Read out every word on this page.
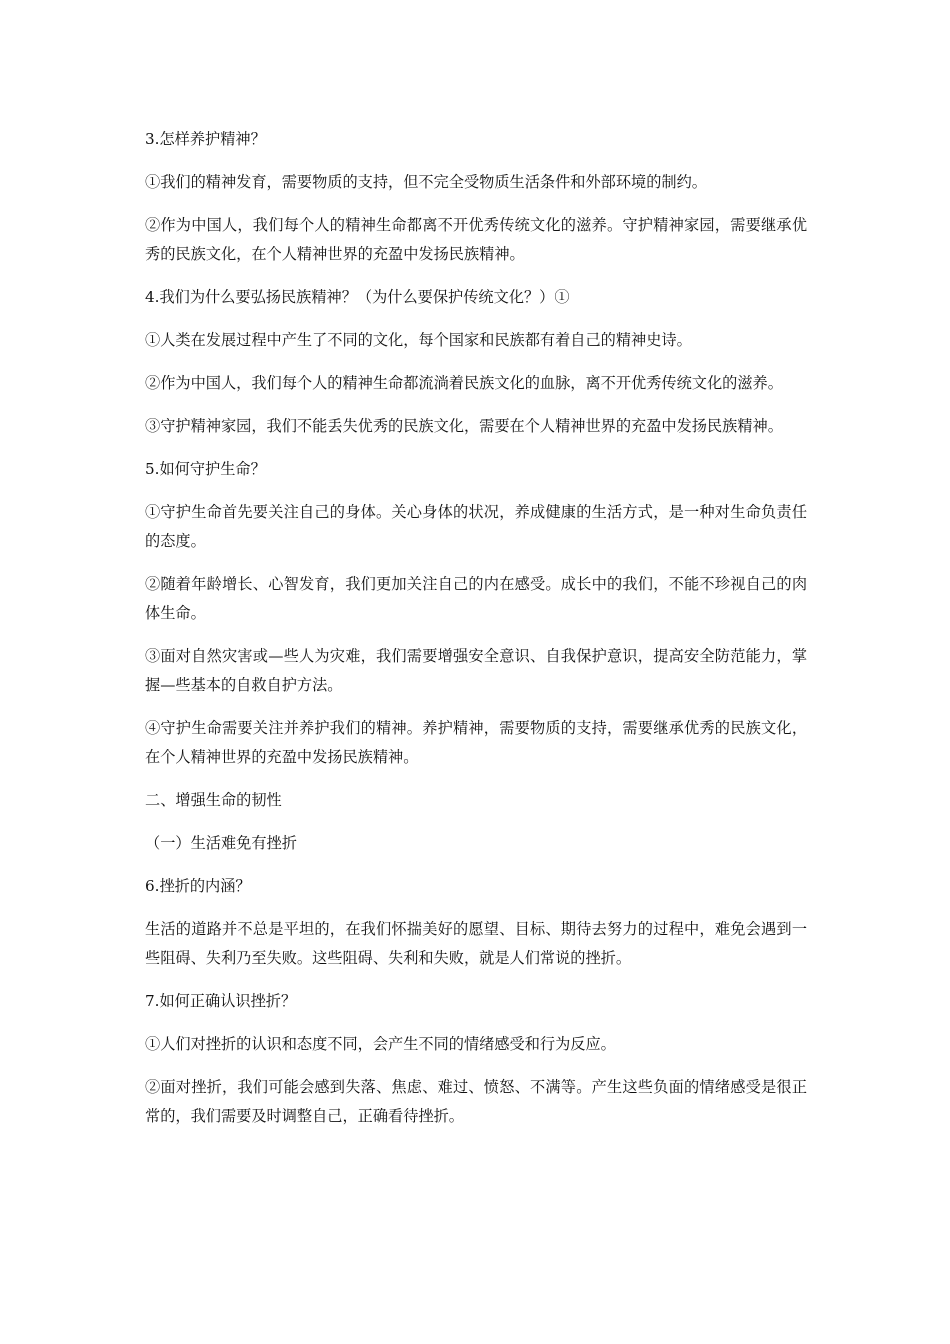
3.怎样养护精神？

①我们的精神发育，需要物质的支持，但不完全受物质生活条件和外部环境的制约。

②作为中国人，我们每个人的精神生命都离不开优秀传统文化的滋养。守护精神家园，需要继承优秀的民族文化，在个人精神世界的充盈中发扬民族精神。

4.我们为什么要弘扬民族精神？（为什么要保护传统文化？）①

①人类在发展过程中产生了不同的文化，每个国家和民族都有着自己的精神史诗。

②作为中国人，我们每个人的精神生命都流淌着民族文化的血脉，离不开优秀传统文化的滋养。

③守护精神家园，我们不能丢失优秀的民族文化，需要在个人精神世界的充盈中发扬民族精神。

5.如何守护生命？

①守护生命首先要关注自己的身体。关心身体的状况，养成健康的生活方式，是一种对生命负责任的态度。

②随着年龄增长、心智发育，我们更加关注自己的内在感受。成长中的我们，不能不珍视自己的肉体生命。

③面对自然灾害或—些人为灾难，我们需要增强安全意识、自我保护意识，提高安全防范能力，掌握—些基本的自救自护方法。

④守护生命需要关注并养护我们的精神。养护精神，需要物质的支持，需要继承优秀的民族文化，在个人精神世界的充盈中发扬民族精神。

二、增强生命的韧性

（一）生活难免有挫折

6.挫折的内涵？

生活的道路并不总是平坦的，在我们怀揣美好的愿望、目标、期待去努力的过程中，难免会遇到一些阻碍、失利乃至失败。这些阻碍、失利和失败，就是人们常说的挫折。

7.如何正确认识挫折？

①人们对挫折的认识和态度不同，会产生不同的情绪感受和行为反应。

②面对挫折，我们可能会感到失落、焦虑、难过、愤怒、不满等。产生这些负面的情绪感受是很正常的，我们需要及时调整自己，正确看待挫折。
